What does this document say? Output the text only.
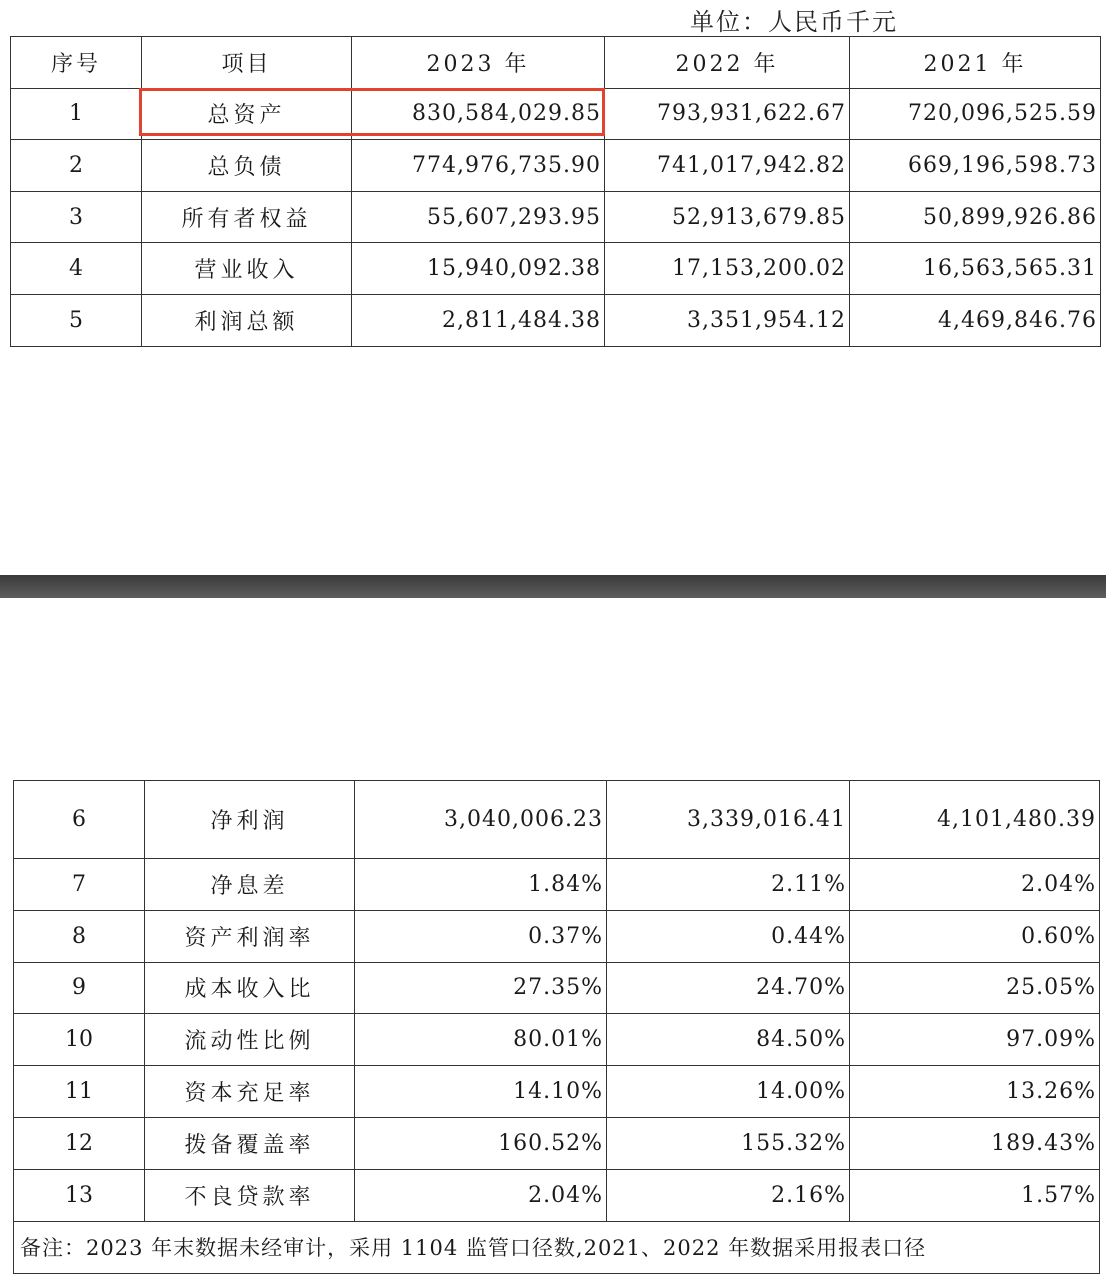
单位：人民币千元
序号	项目	2023 年	2022 年	2021 年
1	总资产	830,584,029.85	793,931,622.67	720,096,525.59
2	总负债	774,976,735.90	741,017,942.82	669,196,598.73
3	所有者权益	55,607,293.95	52,913,679.85	50,899,926.86
4	营业收入	15,940,092.38	17,153,200.02	16,563,565.31
5	利润总额	2,811,484.38	3,351,954.12	4,469,846.76
6	净利润	3,040,006.23	3,339,016.41	4,101,480.39
7	净息差	1.84%	2.11%	2.04%
8	资产利润率	0.37%	0.44%	0.60%
9	成本收入比	27.35%	24.70%	25.05%
10	流动性比例	80.01%	84.50%	97.09%
11	资本充足率	14.10%	14.00%	13.26%
12	拨备覆盖率	160.52%	155.32%	189.43%
13	不良贷款率	2.04%	2.16%	1.57%
备注：2023 年末数据未经审计，采用 1104 监管口径数,2021、2022 年数据采用报表口径				
